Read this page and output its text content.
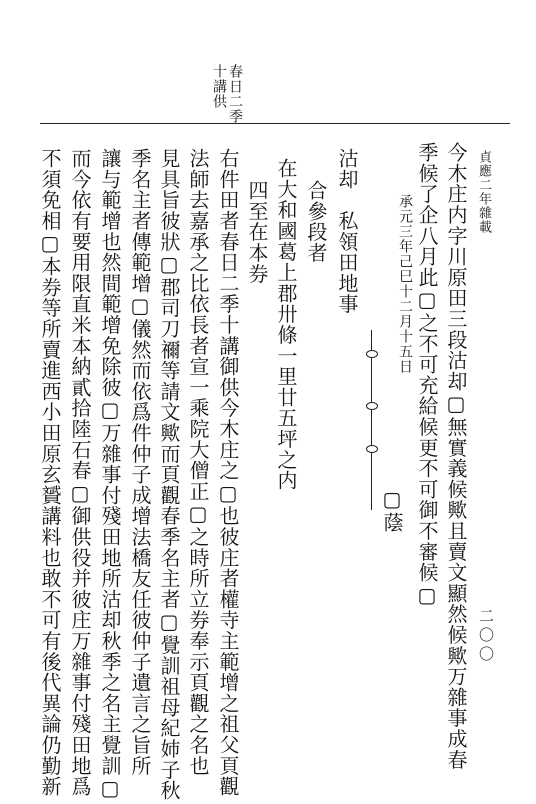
貞應二年雜載
二〇〇
春日二季
十講供
今木庄内字川原田三段沽却▢無實義候歟且賣文顯然候歟万雜事成春
季候了企八月此▢之不可充給候更不可御不審候▢
承元三年己巳十二月十五日
▢蔭
沽却　私領田地事
合參段者
在大和國葛上郡卅條一里廿五坪之内
四至在本券
右件田者春日二季十講御供今木庄之▢也彼庄者權寺主範增之祖父頁觀
法師去嘉承之比依長者宣一乘院大僧正▢之時所立券奉示頁觀之名也
見具旨彼狀▢郡司刀禰等請文歟而頁觀春季名主者▢覺訓祖母紀姉子秋
季名主者傳範增▢儀然而依爲件仲子成增法橋友任彼仲子遺言之旨所
讓与範增也然間範增免除彼▢万雜事付殘田地所沽却秋季之名主覺訓▢
而今依有要用限直米本納貳拾陸石春▢御供役并彼庄万雜事付殘田地爲
不須免相▢本券等所賣進西小田原玄贇講料也敢不可有後代異論仍勤新
